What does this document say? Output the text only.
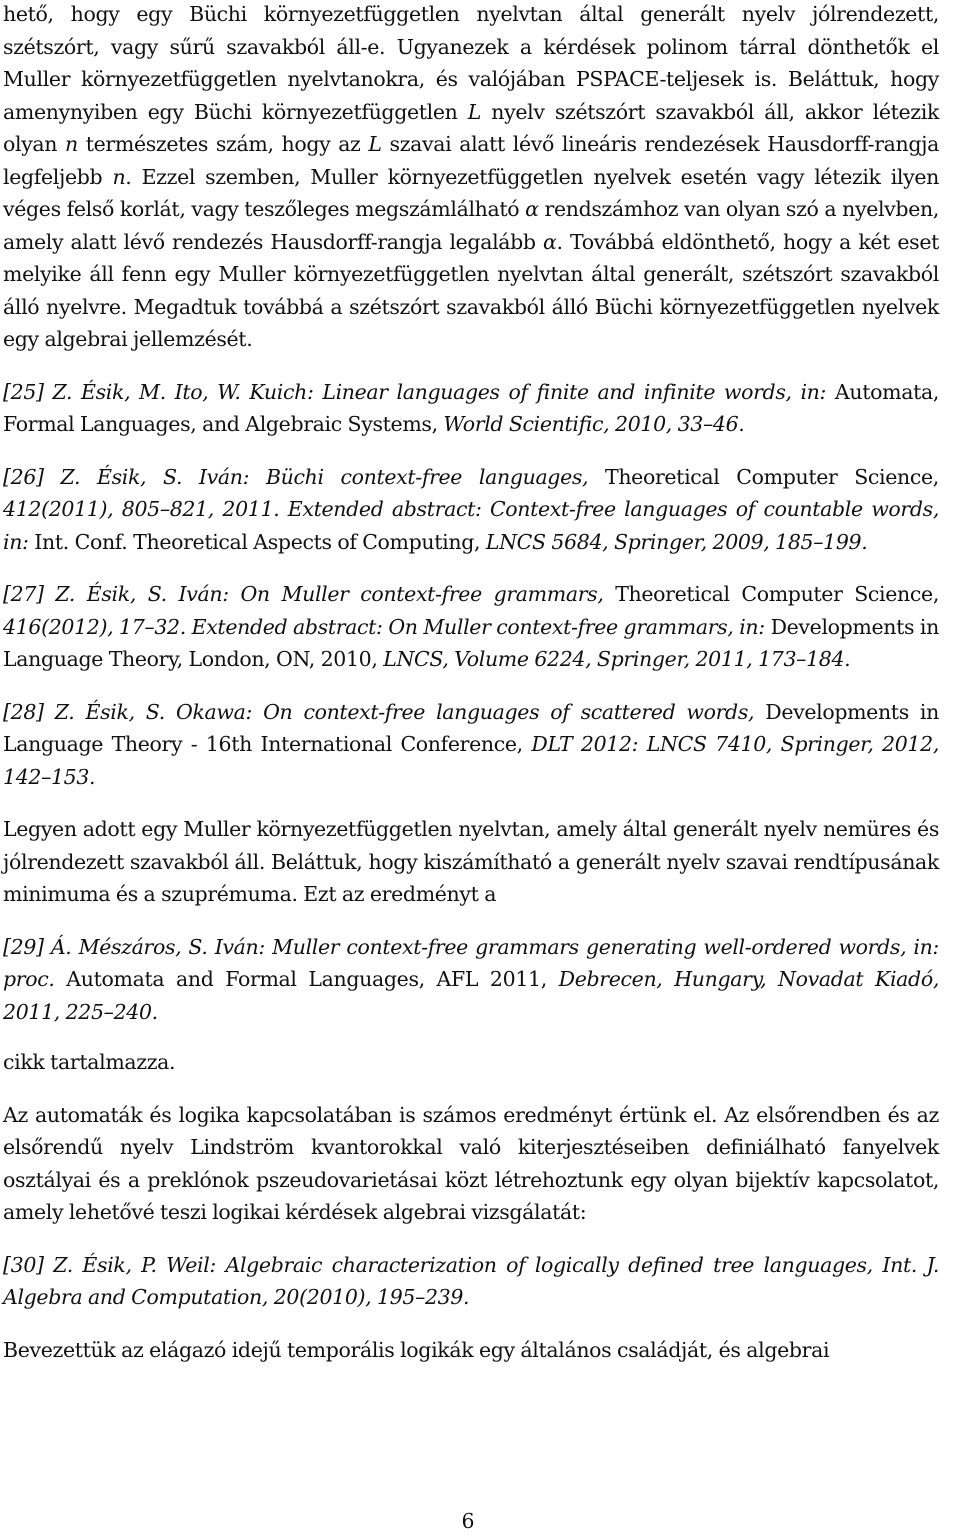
hető, hogy egy Büchi környezetfüggetlen nyelvtan által generált nyelv jólrendezett, szétszórt, vagy sűrű szavakból áll-e. Ugyanezek a kérdések polinom tárral dönthetők el Muller környezetfüggetlen nyelvtanokra, és valójában PSPACE-teljesek is. Beláttuk, hogy amenynyiben egy Büchi környezetfüggetlen L nyelv szétszórt szavakból áll, akkor létezik olyan n természetes szám, hogy az L szavai alatt lévő lineáris rendezések Hausdorff-rangja legfeljebb n. Ezzel szemben, Muller környezetfüggetlen nyelvek esetén vagy létezik ilyen véges felső korlát, vagy teszőleges megszámlálható α rendszámhoz van olyan szó a nyelvben, amely alatt lévő rendezés Hausdorff-rangja legalább α. Továbbá eldönthető, hogy a két eset melyike áll fenn egy Muller környezetfüggetlen nyelvtan által generált, szétszórt szavakból álló nyelvre. Megadtuk továbbá a szétszórt szavakból álló Büchi környezetfüggetlen nyelvek egy algebrai jellemzését.

[25] Z. Ésik, M. Ito, W. Kuich: Linear languages of finite and infinite words, in: Automata, Formal Languages, and Algebraic Systems, World Scientific, 2010, 33–46.

[26] Z. Ésik, S. Iván: Büchi context-free languages, Theoretical Computer Science, 412(2011), 805–821, 2011. Extended abstract: Context-free languages of countable words, in: Int. Conf. Theoretical Aspects of Computing, LNCS 5684, Springer, 2009, 185–199.

[27] Z. Ésik, S. Iván: On Muller context-free grammars, Theoretical Computer Science, 416(2012), 17–32. Extended abstract: On Muller context-free grammars, in: Developments in Language Theory, London, ON, 2010, LNCS, Volume 6224, Springer, 2011, 173–184.

[28] Z. Ésik, S. Okawa: On context-free languages of scattered words, Developments in Language Theory - 16th International Conference, DLT 2012: LNCS 7410, Springer, 2012, 142–153.

Legyen adott egy Muller környezetfüggetlen nyelvtan, amely által generált nyelv nemüres és jólrendezett szavakból áll. Beláttuk, hogy kiszámítható a generált nyelv szavai rendtípusának minimuma és a szuprémuma. Ezt az eredményt a

[29] Á. Mészáros, S. Iván: Muller context-free grammars generating well-ordered words, in: proc. Automata and Formal Languages, AFL 2011, Debrecen, Hungary, Novadat Kiadó, 2011, 225–240.

cikk tartalmazza.

Az automaták és logika kapcsolatában is számos eredményt értünk el. Az elsőrendben és az elsőrendű nyelv Lindström kvantorokkal való kiterjesztéseiben definiálható fanyelvek osztályai és a preklónok pszeudovarietásai közt létrehoztunk egy olyan bijektív kapcsolatot, amely lehetővé teszi logikai kérdések algebrai vizsgálatát:

[30] Z. Ésik, P. Weil: Algebraic characterization of logically defined tree languages, Int. J. Algebra and Computation, 20(2010), 195–239.

Bevezettük az elágazó idejű temporális logikák egy általános családját, és algebrai

6
